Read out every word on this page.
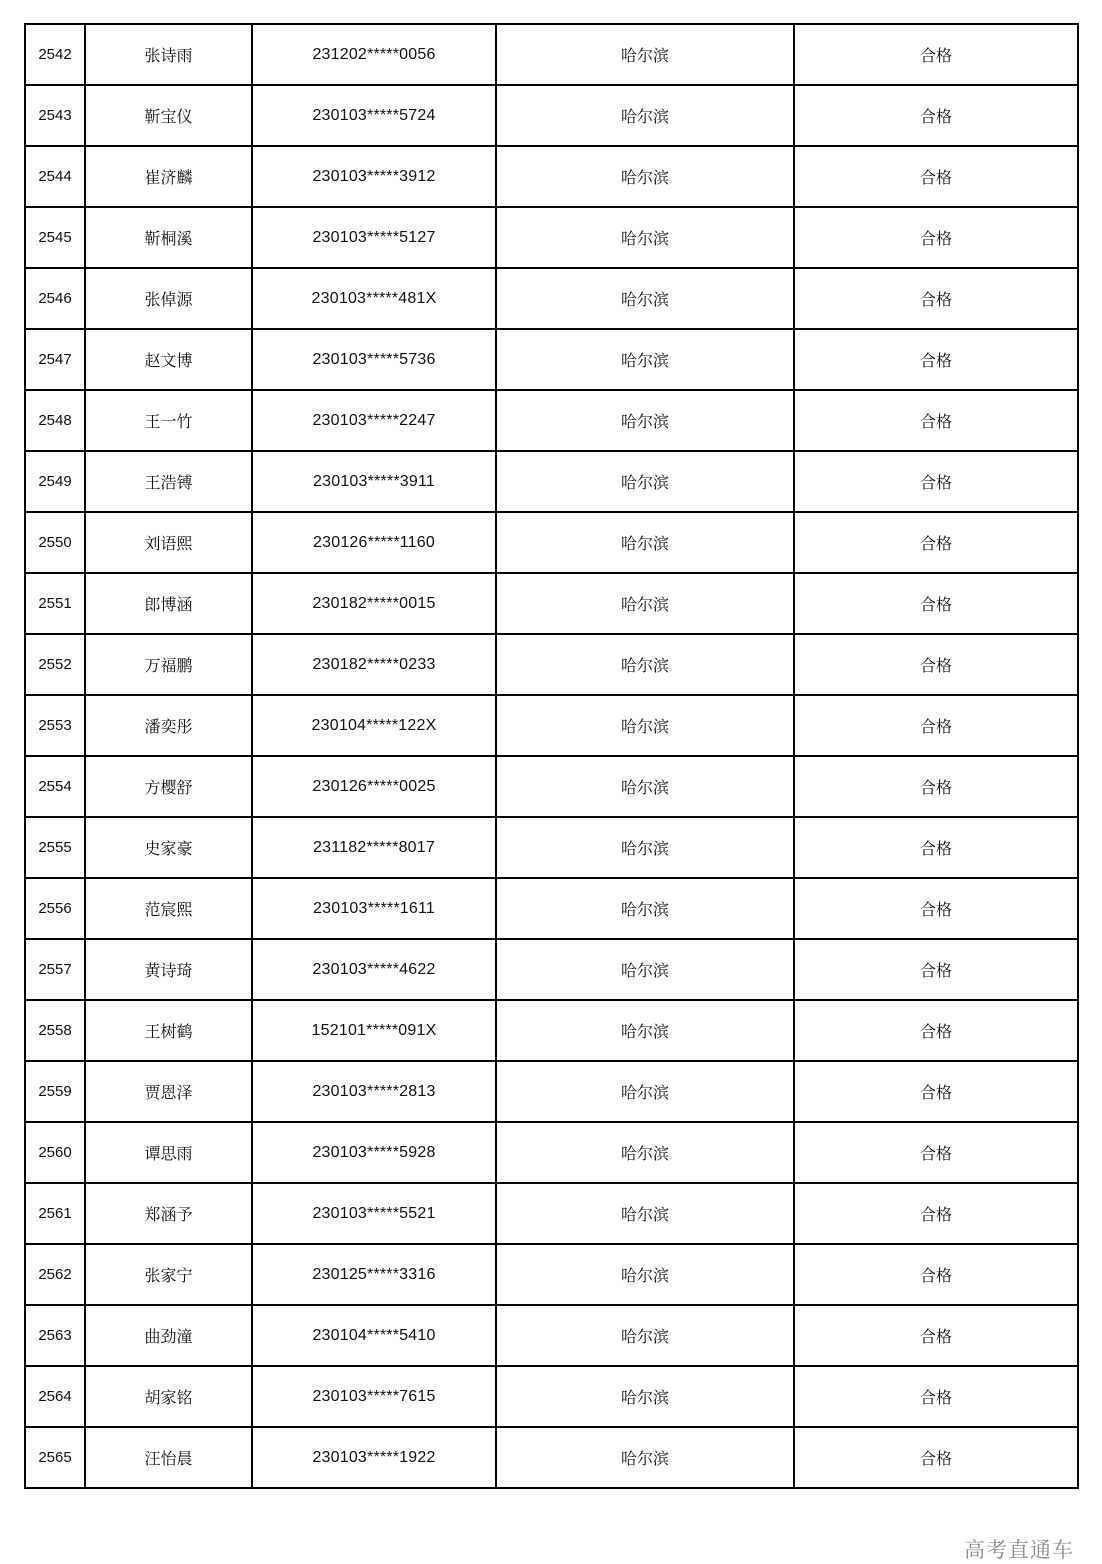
2542	张诗雨	231202*****0056	哈尔滨	合格
2543	靳宝仪	230103*****5724	哈尔滨	合格
2544	崔济麟	230103*****3912	哈尔滨	合格
2545	靳桐溪	230103*****5127	哈尔滨	合格
2546	张倬源	230103*****481X	哈尔滨	合格
2547	赵文博	230103*****5736	哈尔滨	合格
2548	王一竹	230103*****2247	哈尔滨	合格
2549	王浩镈	230103*****3911	哈尔滨	合格
2550	刘语熙	230126*****1160	哈尔滨	合格
2551	郎博涵	230182*****0015	哈尔滨	合格
2552	万福鹏	230182*****0233	哈尔滨	合格
2553	潘奕彤	230104*****122X	哈尔滨	合格
2554	方樱舒	230126*****0025	哈尔滨	合格
2555	史家豪	231182*****8017	哈尔滨	合格
2556	范宸熙	230103*****1611	哈尔滨	合格
2557	黄诗琦	230103*****4622	哈尔滨	合格
2558	王树鹤	152101*****091X	哈尔滨	合格
2559	贾恩泽	230103*****2813	哈尔滨	合格
2560	谭思雨	230103*****5928	哈尔滨	合格
2561	郑涵予	230103*****5521	哈尔滨	合格
2562	张家宁	230125*****3316	哈尔滨	合格
2563	曲劲潼	230104*****5410	哈尔滨	合格
2564	胡家铭	230103*****7615	哈尔滨	合格
2565	汪怡晨	230103*****1922	哈尔滨	合格
高考直通车
